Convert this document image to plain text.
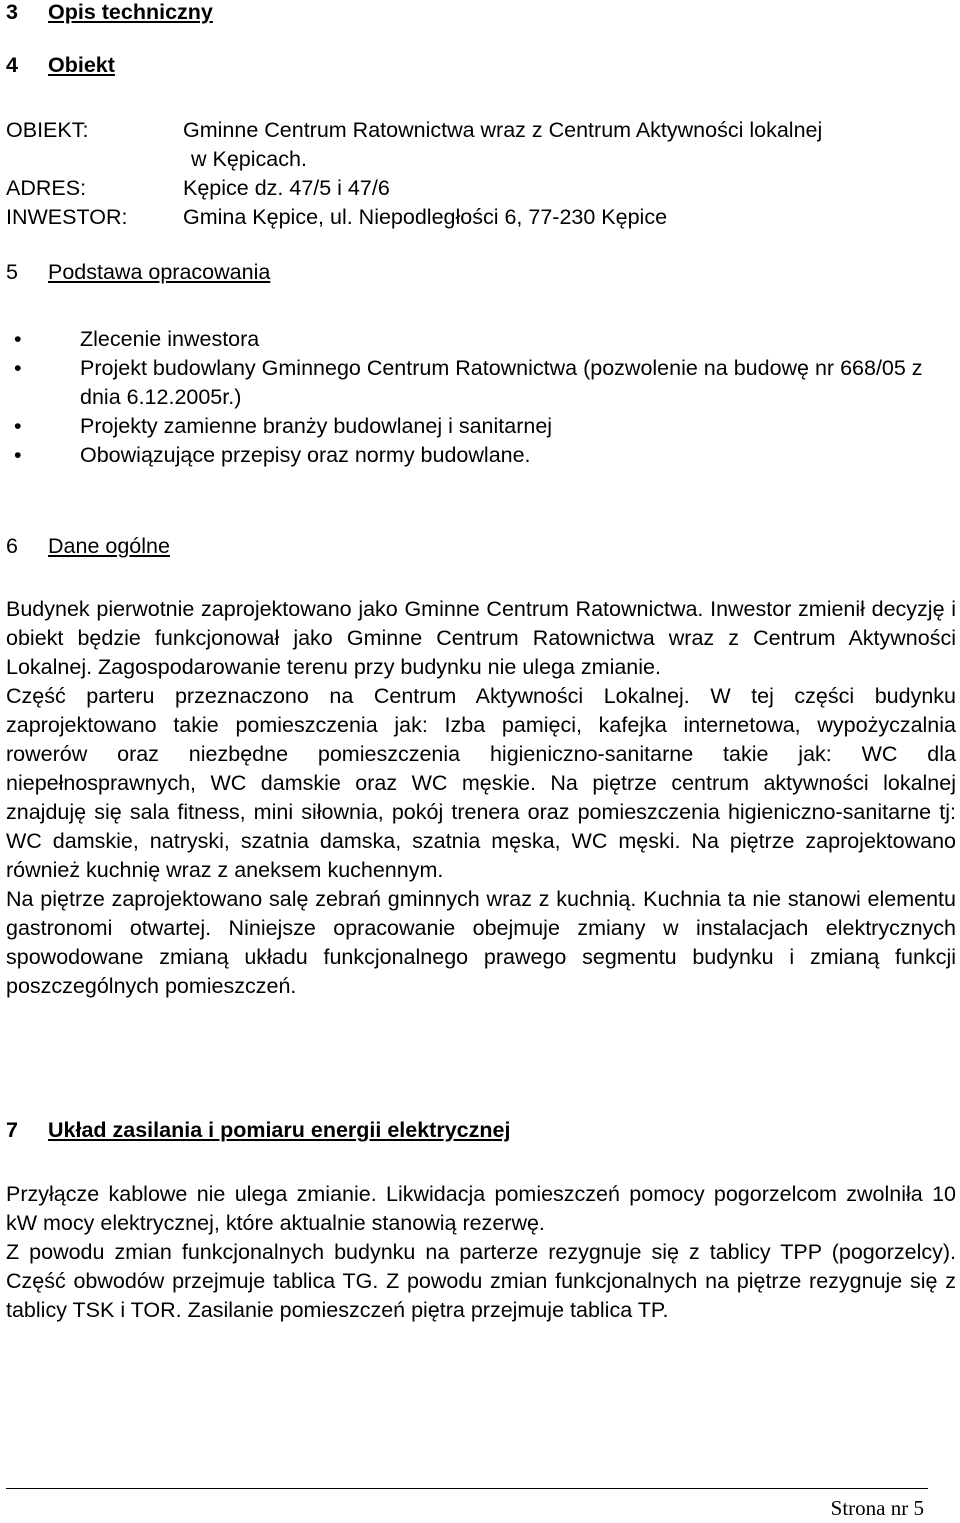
3 Opis techniczny
4 Obiekt
OBIEKT:	Gminne Centrum Ratownictwa wraz z Centrum Aktywności lokalnej
w Kępicach.
ADRES:	Kępice dz. 47/5 i 47/6
INWESTOR:	Gmina Kępice, ul. Niepodległości 6, 77-230 Kępice
5 Podstawa opracowania
•	Zlecenie inwestora
•	Projekt budowlany Gminnego Centrum Ratownictwa (pozwolenie na budowę nr 668/05 z dnia 6.12.2005r.)
•	Projekty zamienne branży budowlanej i sanitarnej
•	Obowiązujące przepisy oraz normy budowlane.
6 Dane ogólne

Budynek pierwotnie zaprojektowano jako Gminne Centrum Ratownictwa. Inwestor zmienił decyzję i obiekt będzie funkcjonował jako Gminne Centrum Ratownictwa wraz z Centrum Aktywności Lokalnej. Zagospodarowanie terenu przy budynku nie ulega zmianie.

Część parteru przeznaczono na Centrum Aktywności Lokalnej. W tej części budynku zaprojektowano takie pomieszczenia jak: Izba pamięci, kafejka internetowa, wypożyczalnia rowerów oraz niezbędne pomieszczenia higieniczno-sanitarne takie jak: WC dla niepełnosprawnych, WC damskie oraz WC męskie. Na piętrze centrum aktywności lokalnej znajduję się sala fitness, mini siłownia, pokój trenera oraz pomieszczenia higieniczno-sanitarne tj: WC damskie, natryski, szatnia damska, szatnia męska, WC męski. Na piętrze zaprojektowano również kuchnię wraz z aneksem kuchennym.

Na piętrze zaprojektowano salę zebrań gminnych wraz z kuchnią. Kuchnia ta nie stanowi elementu gastronomi otwartej. Niniejsze opracowanie obejmuje zmiany w instalacjach elektrycznych spowodowane zmianą układu funkcjonalnego prawego segmentu budynku i zmianą funkcji poszczególnych pomieszczeń.

7 Układ zasilania i pomiaru energii elektrycznej

Przyłącze kablowe nie ulega zmianie. Likwidacja pomieszczeń pomocy pogorzelcom zwolniła 10 kW mocy elektrycznej, które aktualnie stanowią rezerwę.

Z powodu zmian funkcjonalnych budynku na parterze rezygnuje się z tablicy TPP (pogorzelcy). Część obwodów przejmuje tablica TG. Z powodu zmian funkcjonalnych na piętrze rezygnuje się z tablicy TSK i TOR. Zasilanie pomieszczeń piętra przejmuje tablica TP.

Strona nr 5
